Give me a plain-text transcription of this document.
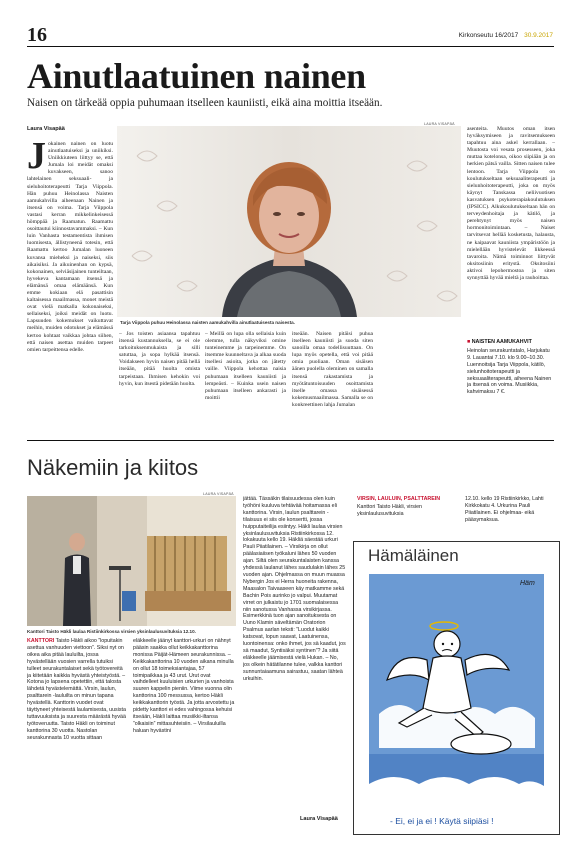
16	Kirkonseutu 16/2017 30.9.2017
Ainutlaatuinen nainen
Naisen on tärkeää oppia puhumaan itselleen kauniisti, eikä aina moittia itseään.
Laura Visapää
Jokainen nainen on luotu ainutlaatuiseksi ja uniikiksi. Uniikkiuteen liittyy se, että Jumala loi meidät omaksi kuvakseen, sanoo lahtelainen seksuaali- ja sieluhoitoterapeutti Tarja Viippola. Hän puhuu Heinolassa Naisten aamukahvilla aiheenaan Nainen ja itsensä on voima. Tarja Viippola vastasi kerran mikkelinkeisessä hömppää ja Raamatun. Raamattu osoittautui kiinnostavammaksi. – Kun luin Vanhasta testamentista ihmisen luomisesta, ällistyneenä totesin, että Raamattu kertoo Jumalan luoneen kuvansa mieheksi ja naiseksi, siis aikaisiksi. Ja aikuinenhan on kypsä, kokonainen, selviäsijainen tunteiltaan, hyvekeva kantamaan itsensä ja elämänsä omaa elämäänsä. Kun emme kokiaan elä pasattisin kaltaisessa maailmassa, monet meistä ovat vielä matkalla kokonaiseksi, sellaiseksi, joiksi meidät on luotu. Lapsuuden kokemukset vaikuttavat meihin, muiden odotukset ja elämässä kertoo kohtaat vaikkaa johtaa siihen, että naisen asettaa muiden tarpeet omien tarpeittensa edelle.
LAURA VISAPÄÄ
Tarja Viippola puhuu Heinolassa naisten aamukahvilla ainutlaatuisesta naisesta.
– Jos toisten asiaansa tapahtuu itsensä kustannuksella, se ei ole tarkoituksenmukaista ja silli satuttaa, ja sopa hylkää itsensä. Voidakseen hyvin naisen pitää hellä itseään, pitää huolta omista tarpeistaan. Ihmisen kehokin voi hyvin, kun itsestä pidetään huolta.
– Meillä on lupa olla sellaisia kuin olemme, tulla näkyviksi omine tunteinemme ja tarpeinemme. On itsemme kuunneltava ja alkaa suoda itsellesi asioita, jotka on jätetty vaille. Viippola kehottaa naisia puhumaan itselleen kauniisti ja lempeästi. – Kuinka usein naisen puhumaan itselleen ankarasti ja moittii
itseään. Naisen pitäisi puhua itselleen kauniisti ja suoda siten sanoilla omaa todellisuuttaan. On lupa myös opetella, että voi pitää omia puoliaan. Oman sisäisen äänen puolella oleminen on samalla itsensä rakastamista ja myötätuntoisuuden osoittamista itselle omassa sisäisessä kokemusmaailmassa. Samalla se on konkreettinen lahja Jumalan
asenteita. Muutos oman itsen hyväksymiseen ja ravitsemukseen tapahtuu aina askel kerrallaan. – Muutosta voi vesata prosesseen, joka muttaa kotelonsa, oikoo siipiään ja on herkien pätsä vailla. Sitten naisen tulee lentoon. Tarja Viippola on koulutukseltaan seksuaaliterapeutti ja sielunhoitoterapeutti, joka on myös käynyt Tanskassa neliivuotisen kasvatuksen psykoterapiakoulutuksen (IPSICC). Alkukoulutukseltaan hän on terveydenhoitaja ja kätilö, ja perehtynyt myös naisen hormonitoimintaan. – Naiset tarvitsevat hellää kosketusta, halausta, ne kaipaavat kauniista ympäristöön ja mielellään hyvistelevät likkeessä tavaroita. Nämä toiminnot liittyvät oksitosiinin eritystä. Oksitosiini aktivoi lepohermostoa ja siten synnyttää hyvää mieltä ja rauhoittaa.
■ NAISTEN AAMUKAHVIT
Heinolan seurakuntatalo, Harjukatu 9. Lauantai 7.10. klo 9.00–10.30. Luennoitsija Tarja Viippola, kätilö, sielunhoitoterapeutti ja seksuaaliterapeutti, aiheena Nainen ja itsensä on voima. Musiikkia, kahvimaksu 7 €.
Näkemiin ja kiitos
LAURA VISAPÄÄ
Kanttori Taisto Häkli laulaa Ristiinkirkossa virsien yksinlaulusuvituksia 12.10.
KANTTORI Taisto Häkli aikoo ”lopuitakin asettua vanhuuden viettoon”. Siksi nyt on oikea aika pitää lauluilta, jossa hyvästellään vuosien varrella tutuiksi tulleet seurakuntalaiset sekä työtovereitä ja kiitetään kaikkia hyvästä yhteistyöstä. – Kotona jo lapsena opetettiin, että talosta lähdetä hyvästelemättä. Virsin, laulun, psalttarein -lauluilta on minun tapana hyvästellä. Kanttorin vuodet ovat täyttyneet yhteisestä laulamisesta, uusista tuttavuuksista ja suuresta määrästä hyvää työtoveruutta. Taisto Häkli on toiminut kanttorina 30 vuotta. Nastolan seurakunnasta 10 vuotta sittaan
eläkkeelle jäänyt kanttori-urkuri on nähnyt pääsin saakka ollut keikkakanttorina monissa Päijät-Hämeen seurakunnissa. – Keikkakanttorina 10 vuoden aikana minulla on ollut 18 toimeksiantajaa, 57 toimipaikkaa ja 43 urut. Urut ovat vaihdelleet kuuluisien urkurien ja vanhoista suuren kappelin pieniin. Viime vuonna olin kanttorina 100 messussa, kertoo Häkli keikkakanttorin työstä. Ja jotta arvostettu ja pidetty kanttori ei edes vahingossa kehuisi itseään, Häkli laittaa musiikki-iltansa ”olkaisiin” mittasuhteisiin. – Virsilauluilla haluan hyvästini
jättää. Tässäkin tilaisuudessa olen kuin työhöni kuuluva tehtävää hoitamassa eli kanttorina. Virsin, laulun psalttarein -tilaisuus ei siis ole konsertti, jossa huipputaiteilija esiintyy. Häkli laulaa virsien yksinlaulusuvituksia Ristiinkirkossa 12. lokakuuta kello 19. Häkliä säestää urkuri Pauli Piiatilainen. – Virsikirja on ollut päälasiaiisen työkaluni lähes 50 vuoden ajan. Siltä olen seurakuntalaisten kanssa yhdessä laulanut lähes saudulakin lähes 25 vuoden ajan. Ohjelmassa on muun muassa Nybergin Jos ei Herra huoneita rakenna, Maasalon Taivaaseen käy matkamme sekä Bachin Pois aurinko jo valpui. Muutamat virret on julkaistu jo 1701 suomalaisessa niin sanotussa Vanhassa virsikirjassa. Esimerkkinä tuon ajan sanoituksesta on Uuno Klamin säveltämän Oratorion Psalmus aarlan teksti: ”Luodut kaikki katsovat, lopun saavat, Laatuinensa, luontoinensa: onko ihmet, jos sä kaadut, jos sä maadut, Syntisäksi syntinen”? Ja siitä eläkkeelle jäämisestä vielä Hukan. – No, jos olkein hätätilanne tulee, valkka kanttori sunnuntaiaamuna sairastuu, saatan lähteä urkuihin.
Laura Visapää
VIRSIN, LAULUIN, PSALTTAREIN
Kanttori Taisto Häkli, virsien yksinlaulusuvituksia
12.10. kello 19 Ristiinkirkko, Lahti Kirkkokatu 4. Urkurina Pauli Piiatilainen. Ei ohjelmaa- eikä pääsymaksua.
Hämäläinen
Häm
- Ei, ei ja ei ! Käytä siipiäsi !
